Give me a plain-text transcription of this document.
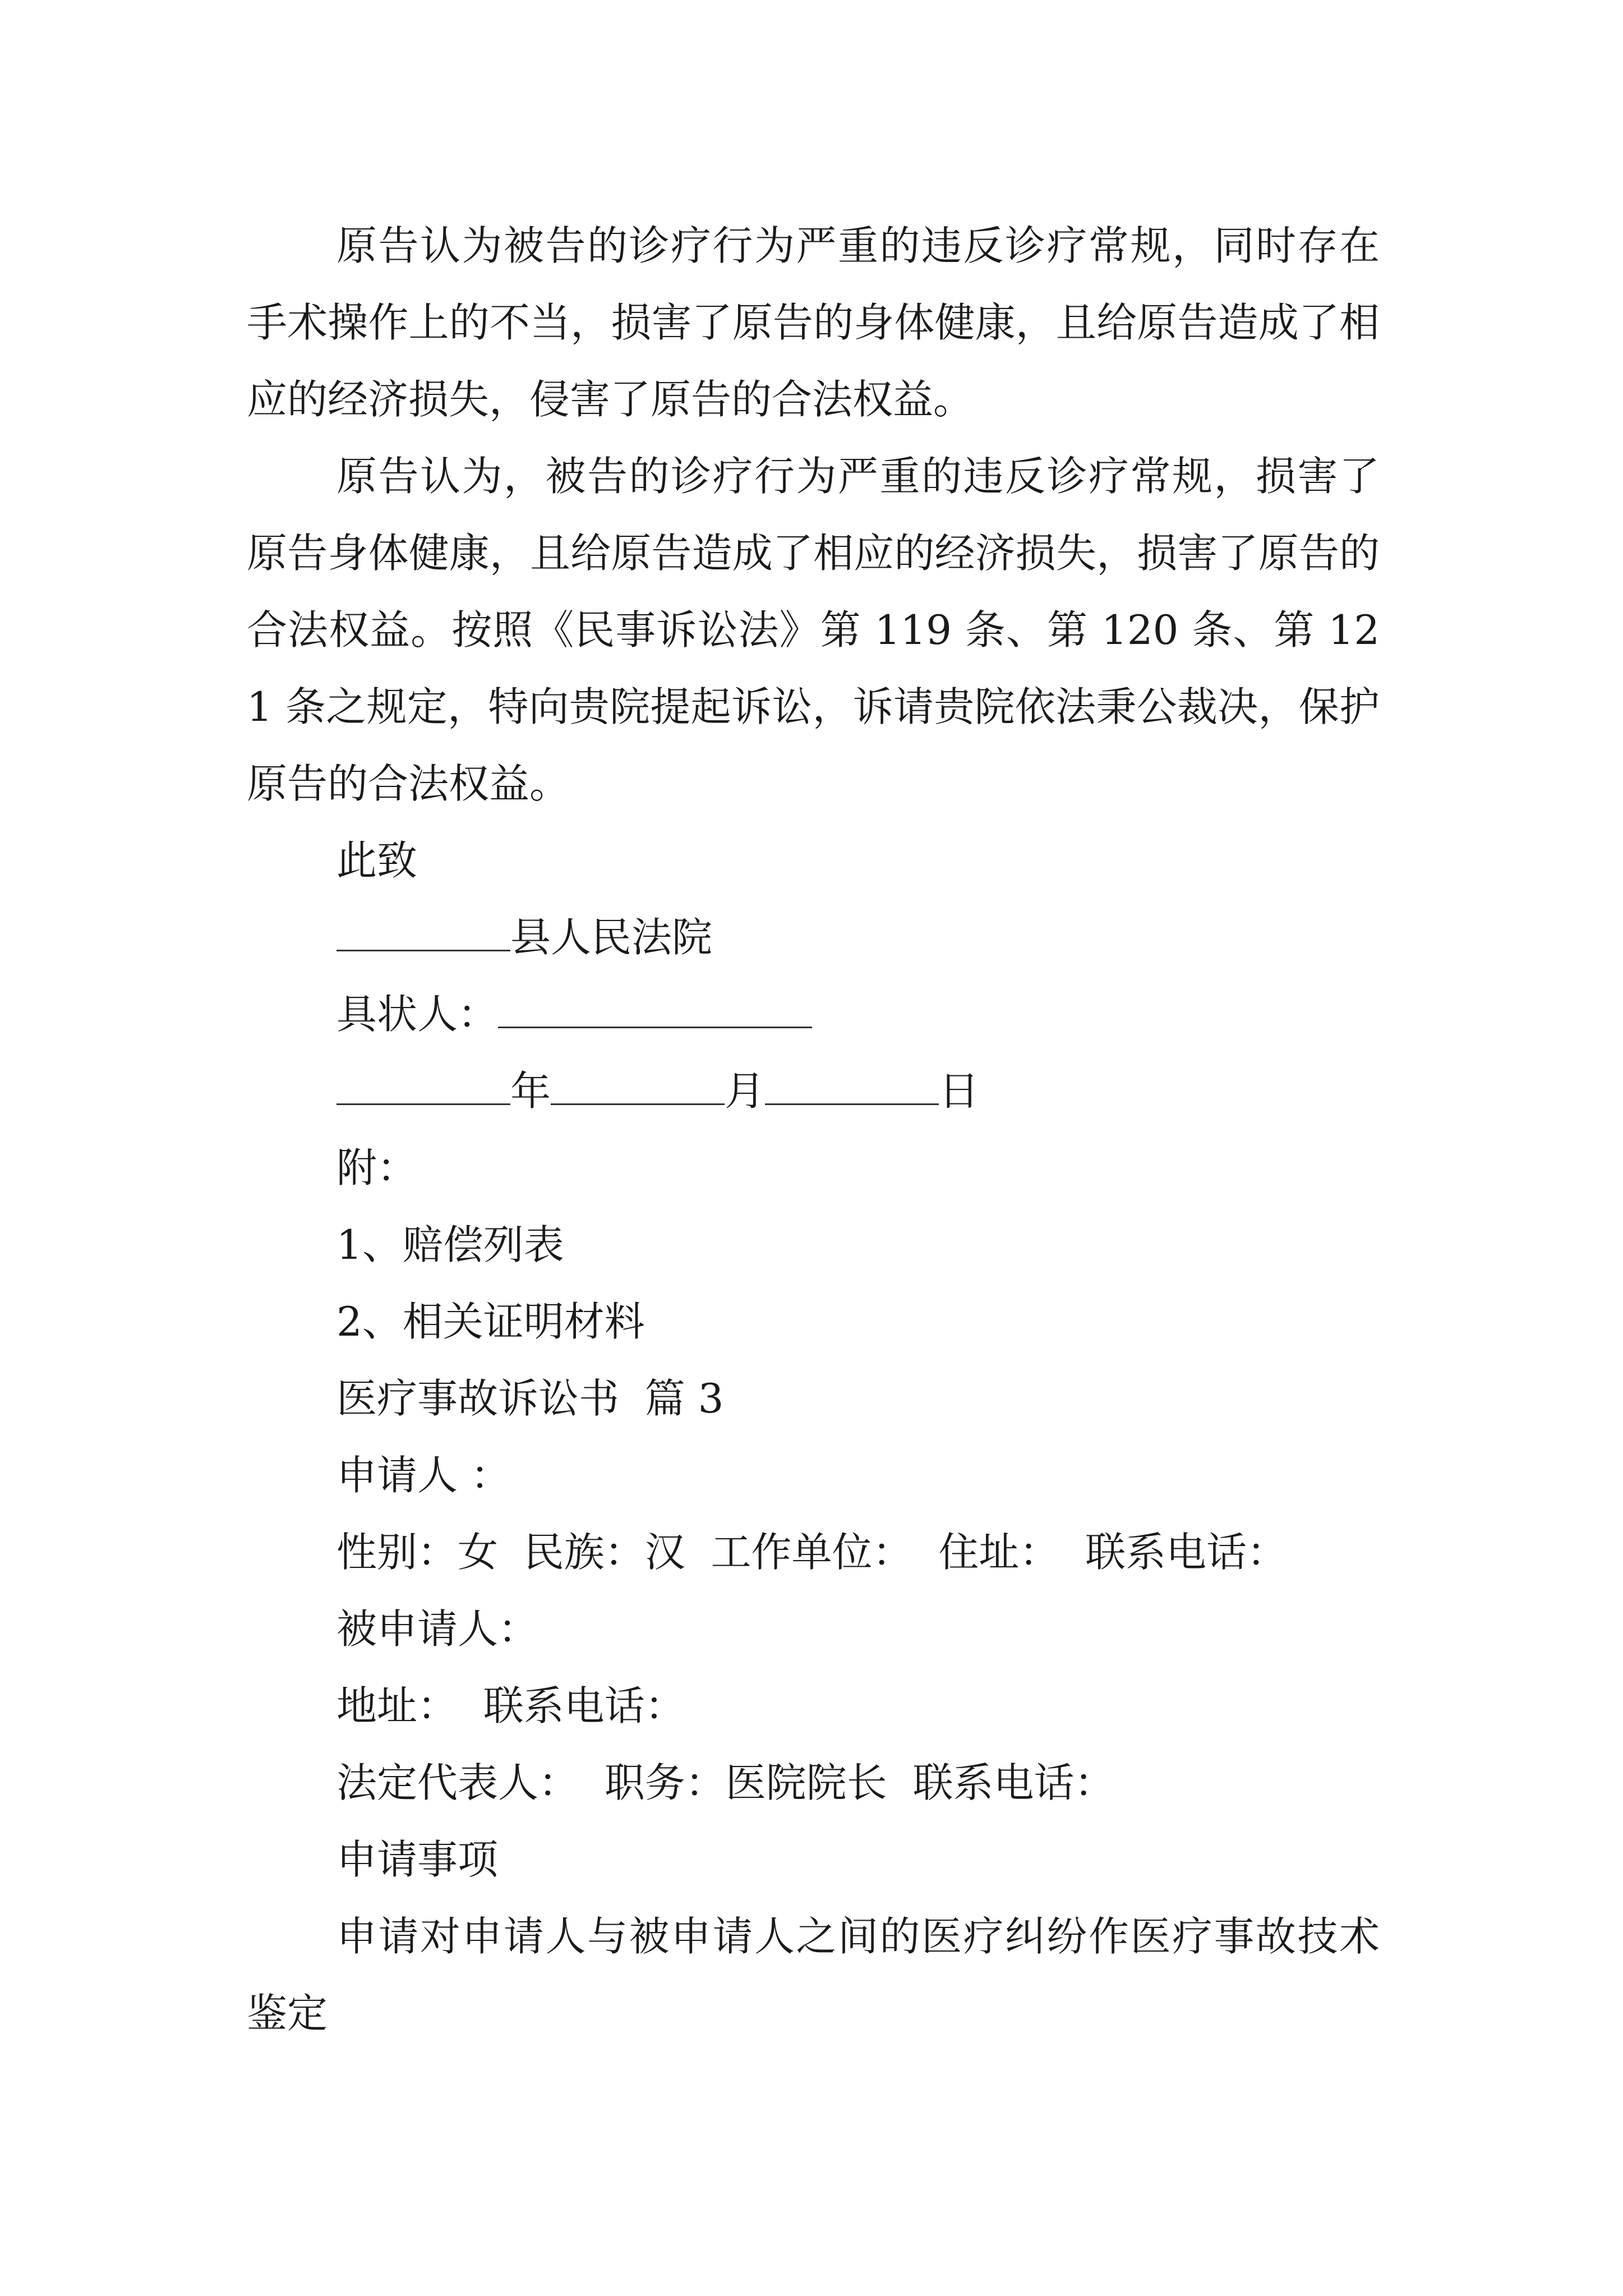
原告认为被告的诊疗行为严重的违反诊疗常规，同时存在手术操作上的不当，损害了原告的身体健康，且给原告造成了相应的经济损失，侵害了原告的合法权益。

原告认为，被告的诊疗行为严重的违反诊疗常规，损害了原告身体健康，且给原告造成了相应的经济损失，损害了原告的合法权益。按照《民事诉讼法》第 119 条、第 120 条、第 121 条之规定，特向贵院提起诉讼，诉请贵院依法秉公裁决，保护原告的合法权益。

此致
县人民法院
具状人：
年	月	日
附：
1、赔偿列表
2、相关证明材料
医疗事故诉讼书  篇 3
申请人 ：
性别：女  民族：汉  工作单位：  住址：  联系电话：
被申请人：
地址：  联系电话：
法定代表人：  职务：医院院长  联系电话：
申请事项

申请对申请人与被申请人之间的医疗纠纷作医疗事故技术鉴定
